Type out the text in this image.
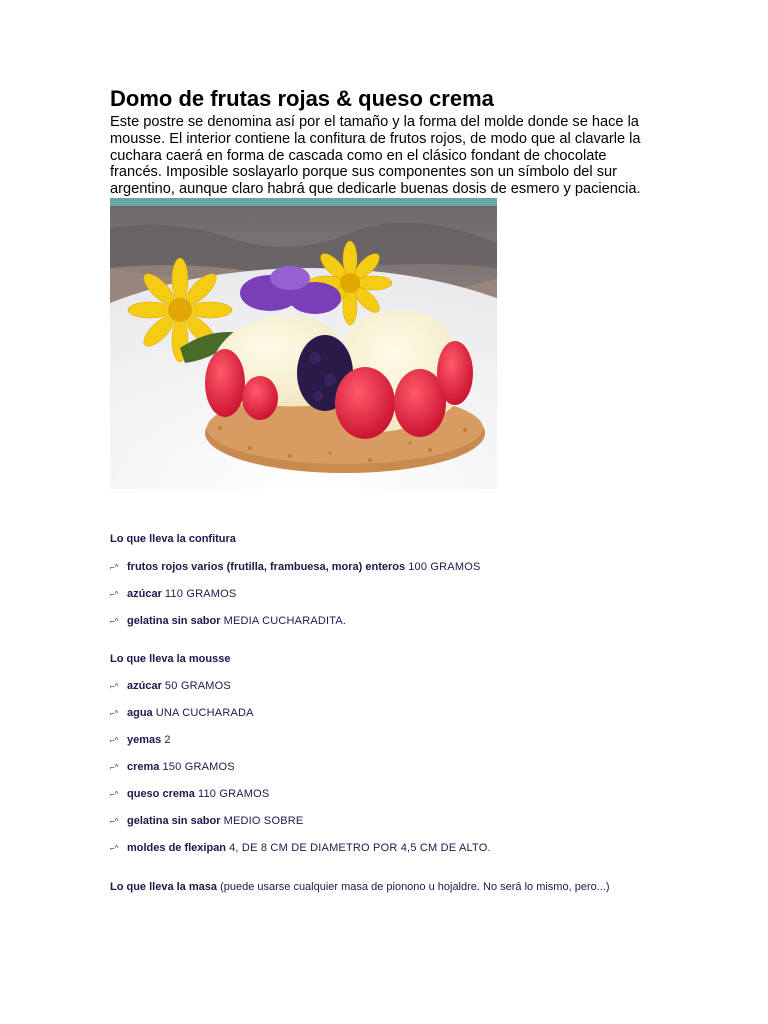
Domo de frutas rojas & queso crema

Este postre se denomina así por el tamaño y la forma del molde donde se hace la mousse. El interior contiene la confitura de frutos rojos, de modo que al clavarle la cuchara caerá en forma de cascada como en el clásico fondant de chocolate francés. Imposible soslayarlo porque sus componentes son un símbolo del sur argentino, aunque claro habrá que dedicarle buenas dosis de esmero y paciencia.

Lo que lleva la confitura

⌐^ frutos rojos varios (frutilla, frambuesa, mora) enteros 100 GRAMOS
⌐^ azúcar 110 GRAMOS
⌐^ gelatina sin sabor MEDIA CUCHARADITA.

Lo que lleva la mousse

⌐^ azúcar 50 GRAMOS
⌐^ agua UNA CUCHARADA
⌐^ yemas 2
⌐^ crema 150 GRAMOS
⌐^ queso crema 110 GRAMOS
⌐^ gelatina sin sabor MEDIO SOBRE
⌐^ moldes de flexipan 4, DE 8 CM DE DIAMETRO POR 4,5 CM DE ALTO.
Lo que lleva la masa (puede usarse cualquier masa de pionono u hojaldre. No será lo mismo, pero...)
